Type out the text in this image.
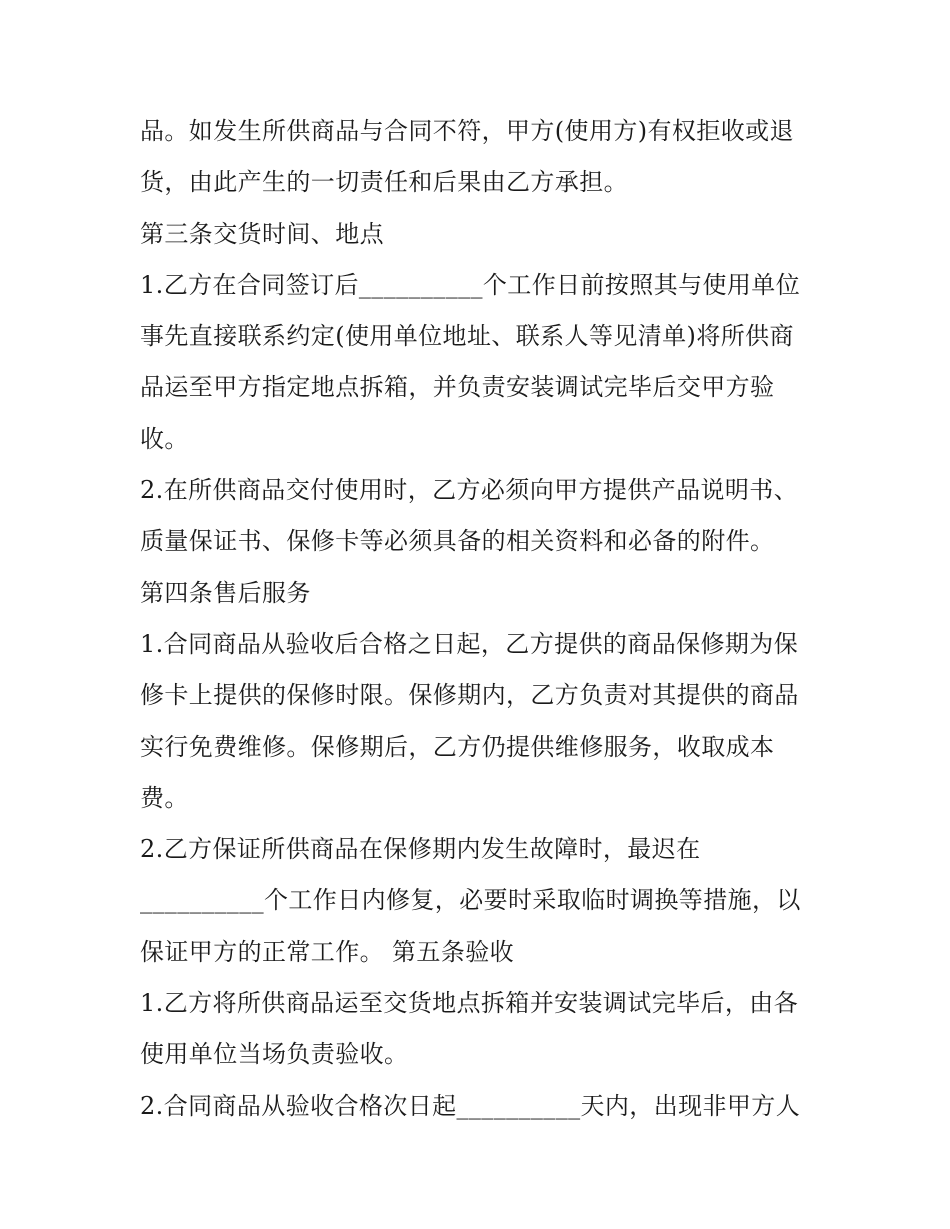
品。如发生所供商品与合同不符，甲方(使用方)有权拒收或退
货，由此产生的一切责任和后果由乙方承担。
第三条交货时间、地点
1.乙方在合同签订后__________个工作日前按照其与使用单位
事先直接联系约定(使用单位地址、联系人等见清单)将所供商
品运至甲方指定地点拆箱，并负责安装调试完毕后交甲方验
收。
2.在所供商品交付使用时，乙方必须向甲方提供产品说明书、
质量保证书、保修卡等必须具备的相关资料和必备的附件。
第四条售后服务
1.合同商品从验收后合格之日起，乙方提供的商品保修期为保
修卡上提供的保修时限。保修期内，乙方负责对其提供的商品
实行免费维修。保修期后，乙方仍提供维修服务，收取成本
费。
2.乙方保证所供商品在保修期内发生故障时，最迟在
__________个工作日内修复，必要时采取临时调换等措施，以
保证甲方的正常工作。 第五条验收
1.乙方将所供商品运至交货地点拆箱并安装调试完毕后，由各
使用单位当场负责验收。
2.合同商品从验收合格次日起__________天内，出现非甲方人
